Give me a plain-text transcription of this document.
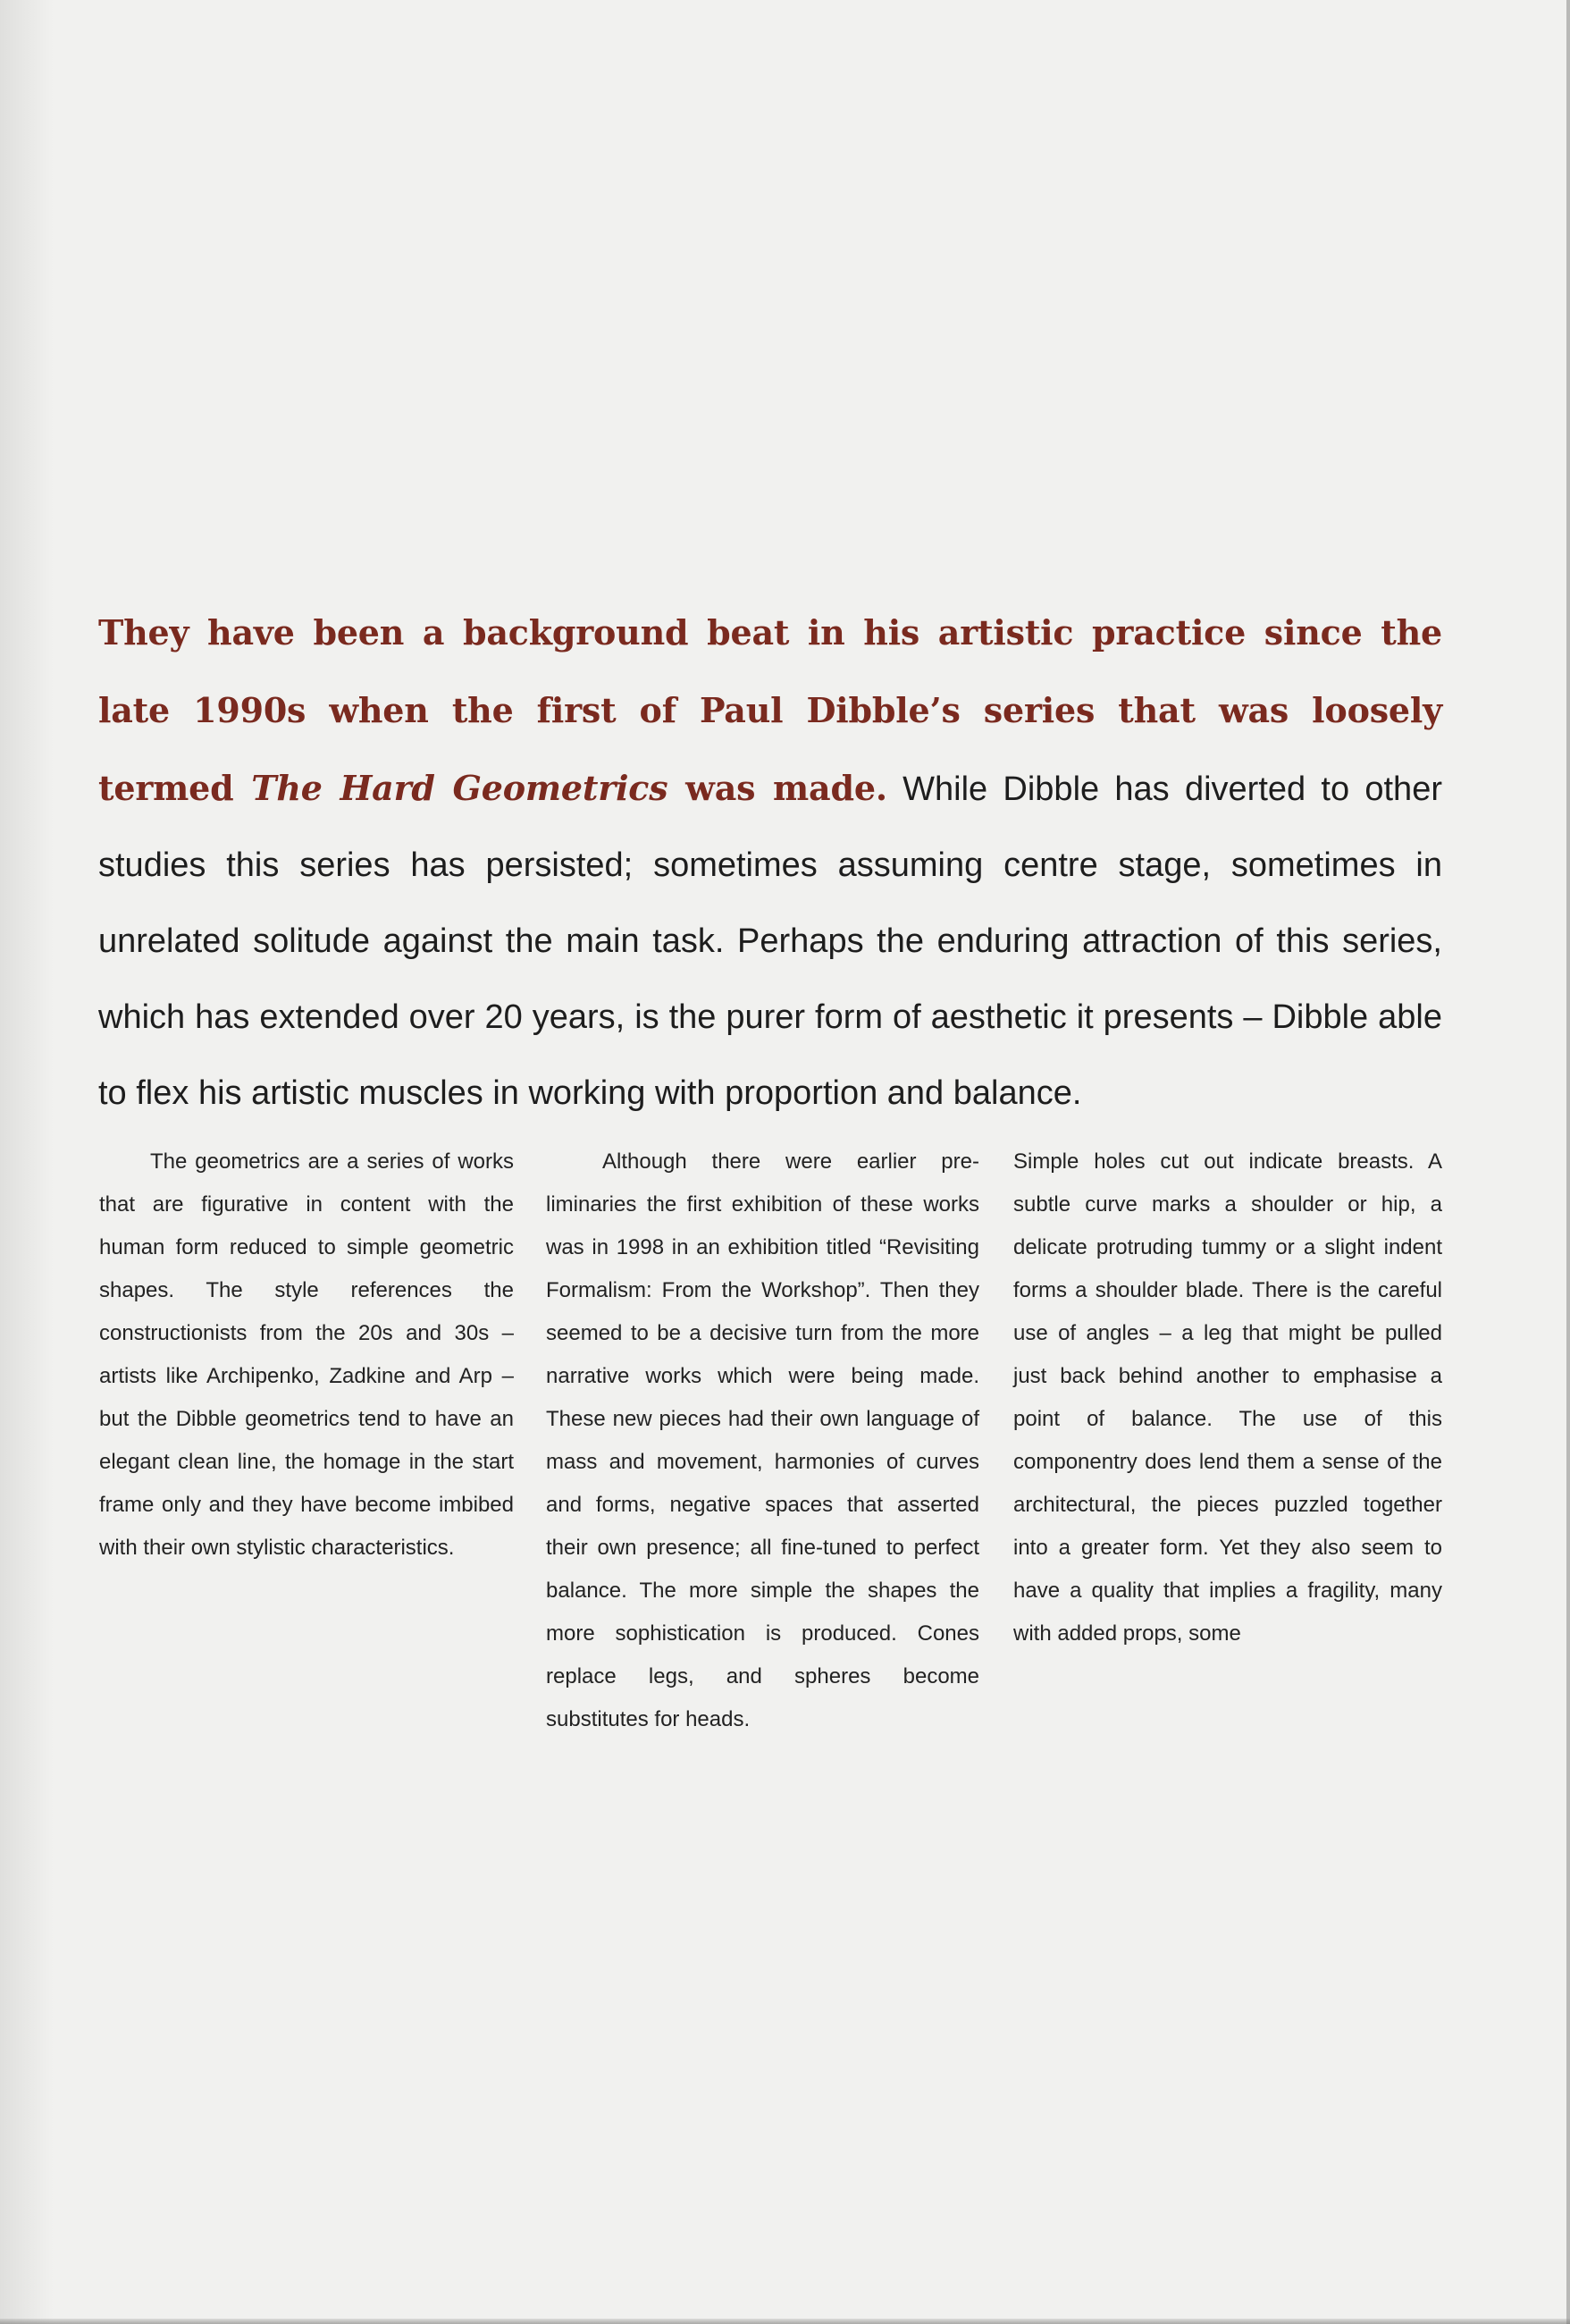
They have been a background beat in his artistic practice since the late 1990s when the first of Paul Dibble’s series that was loosely termed The Hard Geometrics was made. While Dibble has diverted to other studies this series has persisted; sometimes assuming centre stage, sometimes in unrelated solitude against the main task. Perhaps the enduring attraction of this series, which has extended over 20 years, is the purer form of aesthetic it presents – Dibble able to flex his artistic muscles in working with proportion and balance.

The geometrics are a series of works that are figurative in content with the human form reduced to simple geometric shapes. The style references the constructionists from the 20s and 30s – artists like Archipenko, Zadkine and Arp – but the Dibble geometrics tend to have an elegant clean line, the homage in the start frame only and they have become imbibed with their own stylistic characteristics.

Although there were earlier preliminaries the first exhibition of these works was in 1998 in an exhibition titled “Revisiting Formalism: From the Workshop”. Then they seemed to be a decisive turn from the more narrative works which were being made. These new pieces had their own language of mass and movement, harmonies of curves and forms, negative spaces that asserted their own presence; all fine-tuned to perfect balance. The more simple the shapes the more sophistication is produced. Cones replace legs, and spheres become substitutes for heads.

Simple holes cut out indicate breasts. A subtle curve marks a shoulder or hip, a delicate protruding tummy or a slight indent forms a shoulder blade. There is the careful use of angles – a leg that might be pulled just back behind another to emphasise a point of balance. The use of this componentry does lend them a sense of the architectural, the pieces puzzled together into a greater form. Yet they also seem to have a quality that implies a fragility, many with added props, some
